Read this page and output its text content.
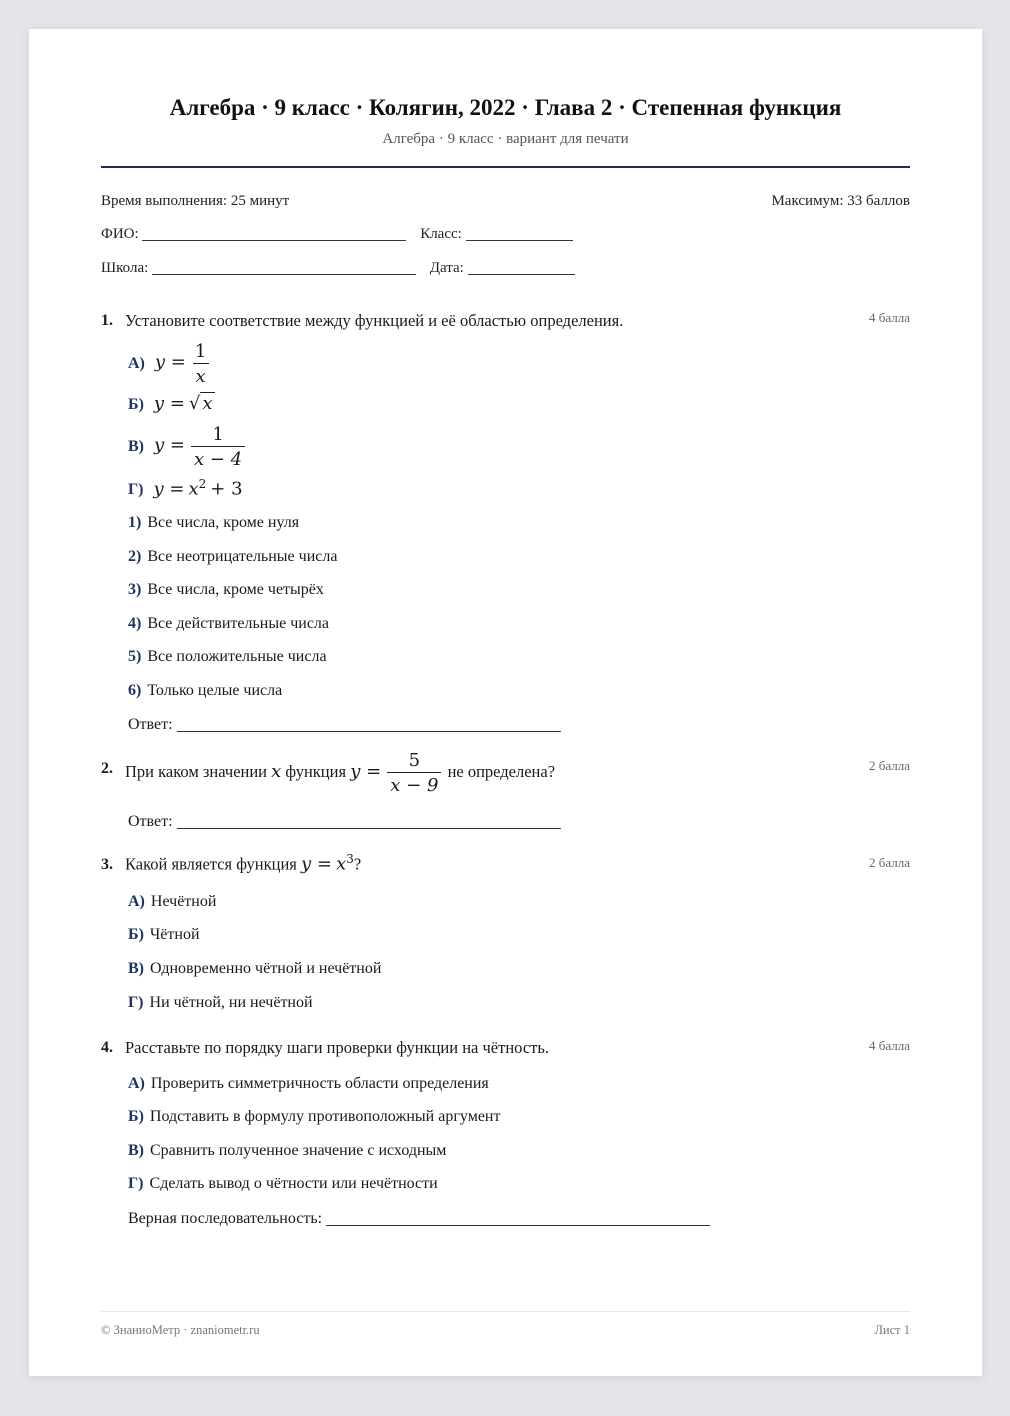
Алгебра · 9 класс · Колягин, 2022 · Глава 2 · Степенная функция
Алгебра · 9 класс · вариант для печати
Время выполнения: 25 минут	Максимум: 33 баллов
ФИО:	Класс:
Школа:	Дата:
1. Установите соответствие между функцией и её областью определения.	4 балла
А) $y = \frac{1}{x}$
Б) y = √ x
В) $y = \frac{1}{x - 4}$
Г) $y = x^2 + 3$
1) Все числа, кроме нуля
2) Все неотрицательные числа
3) Все числа, кроме четырёх
4) Все действительные числа
5) Все положительные числа
6) Только целые числа
Ответ:
2. При каком значении x функция $y = \frac{5}{x - 9}$ не определена?	2 балла
Ответ:
3. Какой является функция $y = x^3$?	2 балла
А) Нечётной
Б) Чётной
В) Одновременно чётной и нечётной
Г) Ни чётной, ни нечётной
4. Расставьте по порядку шаги проверки функции на чётность.	4 балла
А) Проверить симметричность области определения
Б) Подставить в формулу противоположный аргумент
В) Сравнить полученное значение с исходным
Г) Сделать вывод о чётности или нечётности
Верная последовательность:
© ЗнаниоМетр · znaniometr.ru	Лист 1
